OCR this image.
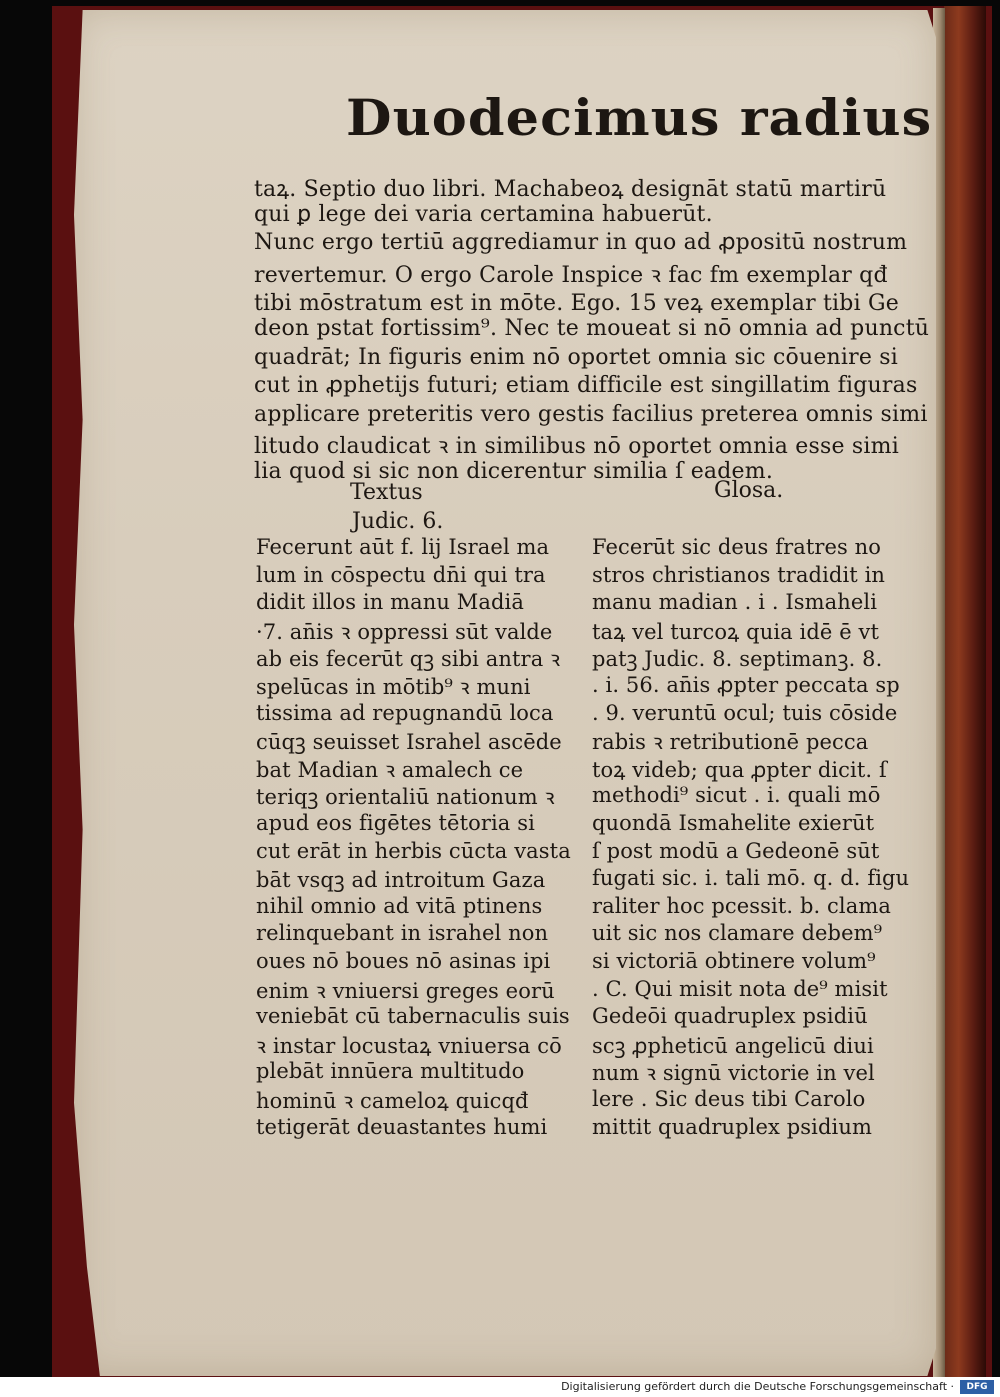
Duodecimus radius
taꝝ. Septio duo libri. Machabeoꝝ designāt statū martirū
qui ꝑ lege dei varia certamina habuerūt.
Nunc ergo tertiū aggrediamur in quo ad ꝓpositū nostrum
revertemur. O ergo Carole Inspice ꝛ fac fm exemplar qđ
tibi mōstratum est in mōte. Ego. 15 veꝝ exemplar tibi Ge
deon pstat fortissim⁹. Nec te moueat si nō omnia ad punctū
quadrāt; In figuris enim nō oportet omnia sic cōuenire si
cut in ꝓphetijs futuri; etiam difficile est singillatim figuras
applicare preteritis vero gestis facilius preterea omnis simi
litudo claudicat ꝛ in similibus nō oportet omnia esse simi
lia quod si sic non dicerentur similia ſ eadem.
Textus	Glosa.
Judic. 6.
Fecerunt aūt f. lij Israel ma
lum in cōspectu dn̄i qui tra
didit illos in manu Madiā
·7. an̄is ꝛ oppressi sūt valde
ab eis fecerūt qꝫ sibi antra ꝛ
spelūcas in mōtib⁹ ꝛ muni
tissima ad repugnandū loca
cūqꝫ seuisset Israhel ascēde
bat Madian ꝛ amalech ce
teriqꝫ orientaliū nationum ꝛ
apud eos figētes tētoria si
cut erāt in herbis cūcta vasta
bāt vsqꝫ ad introitum Gaza
nihil omnio ad vitā ptinens
relinquebant in israhel non
oues nō boues nō asinas ipi
enim ꝛ vniuersi greges eorū
veniebāt cū tabernaculis suis
ꝛ instar locustaꝝ vniuersa cō
plebāt innūera multitudo
hominū ꝛ cameloꝝ quicqđ
tetigerāt deuastantes humi
Fecerūt sic deus fratres no
stros christianos tradidit in
manu madian . i . Ismaheli
taꝝ vel turcoꝝ quia idē ē vt
patꝫ Judic. 8. septimanꝫ. 8.
. i. 56. an̄is ꝓpter peccata sp
. 9. veruntū ocul; tuis cōside
rabis ꝛ retributionē pecca
toꝝ videb; qua ꝓpter dicit. ſ
methodi⁹ sicut . i. quali mō
quondā Ismahelite exierūt
ſ post modū a Gedeonē sūt
fugati sic. i. tali mō. q. d. figu
raliter hoc pcessit. b. clama
uit sic nos clamare debem⁹
si victoriā obtinere volum⁹
. C. Qui misit nota de⁹ misit
Gedeōi quadruplex psidiū
scꝫ ꝓpheticū angelicū diui
num ꝛ signū victorie in vel
lere . Sic deus tibi Carolo
mittit quadruplex psidium
Digitalisierung gefördert durch die Deutsche Forschungsgemeinschaft ·	DFG
